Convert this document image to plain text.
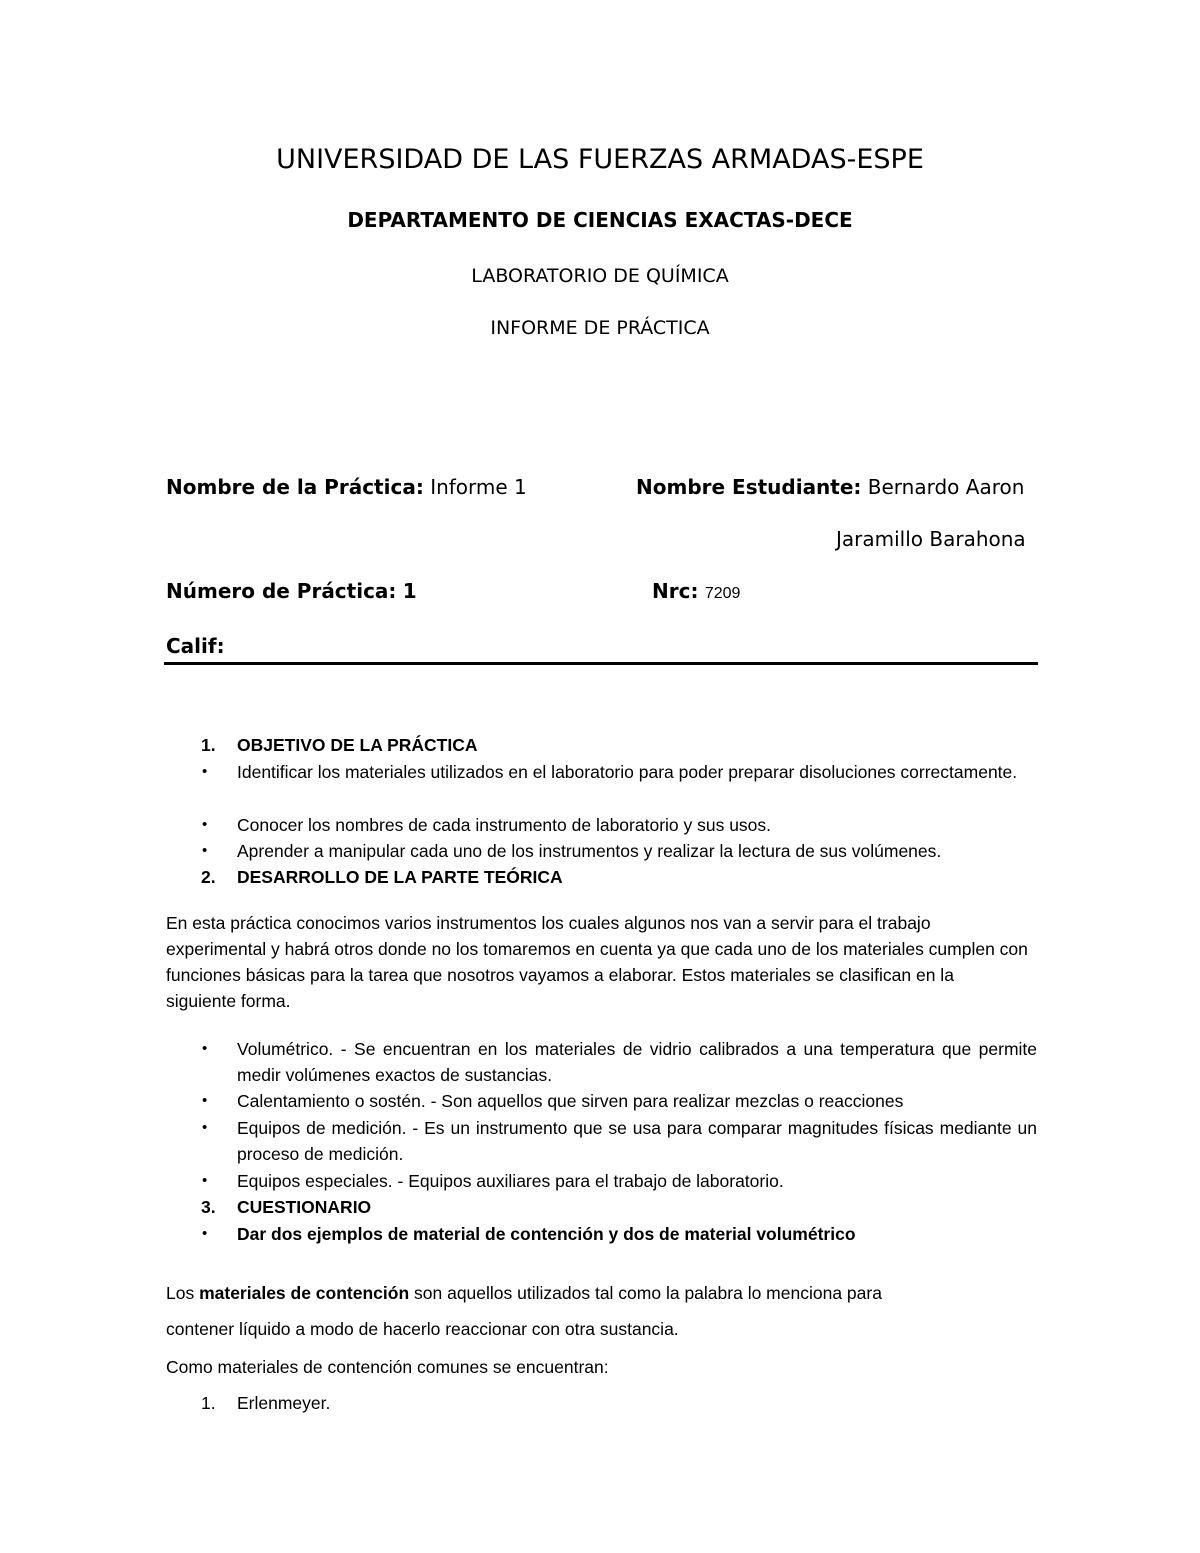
UNIVERSIDAD DE LAS FUERZAS ARMADAS-ESPE
DEPARTAMENTO DE CIENCIAS EXACTAS-DECE
LABORATORIO DE QUÍMICA
INFORME DE PRÁCTICA
Nombre de la Práctica: Informe 1	Nombre Estudiante: Bernardo Aaron
Jaramillo Barahona
Número de Práctica: 1	Nrc: 7209
Calif:
1. OBJETIVO DE LA PRÁCTICA
• Identificar los materiales utilizados en el laboratorio para poder preparar disoluciones correctamente.
• Conocer los nombres de cada instrumento de laboratorio y sus usos.
• Aprender a manipular cada uno de los instrumentos y realizar la lectura de sus volúmenes.
2. DESARROLLO DE LA PARTE TEÓRICA
En esta práctica conocimos varios instrumentos los cuales algunos nos van a servir para el trabajo experimental y habrá otros donde no los tomaremos en cuenta ya que cada uno de los materiales cumplen con funciones básicas para la tarea que nosotros vayamos a elaborar. Estos materiales se clasifican en la siguiente forma.
• Volumétrico. - Se encuentran en los materiales de vidrio calibrados a una temperatura que permite medir volúmenes exactos de sustancias.
• Calentamiento o sostén. - Son aquellos que sirven para realizar mezclas o reacciones
• Equipos de medición. - Es un instrumento que se usa para comparar magnitudes físicas mediante un proceso de medición.
• Equipos especiales. - Equipos auxiliares para el trabajo de laboratorio.
3. CUESTIONARIO
• Dar dos ejemplos de material de contención y dos de material volumétrico
Los materiales de contención son aquellos utilizados tal como la palabra lo menciona para
contener líquido a modo de hacerlo reaccionar con otra sustancia.
Como materiales de contención comunes se encuentran:
1. Erlenmeyer.
